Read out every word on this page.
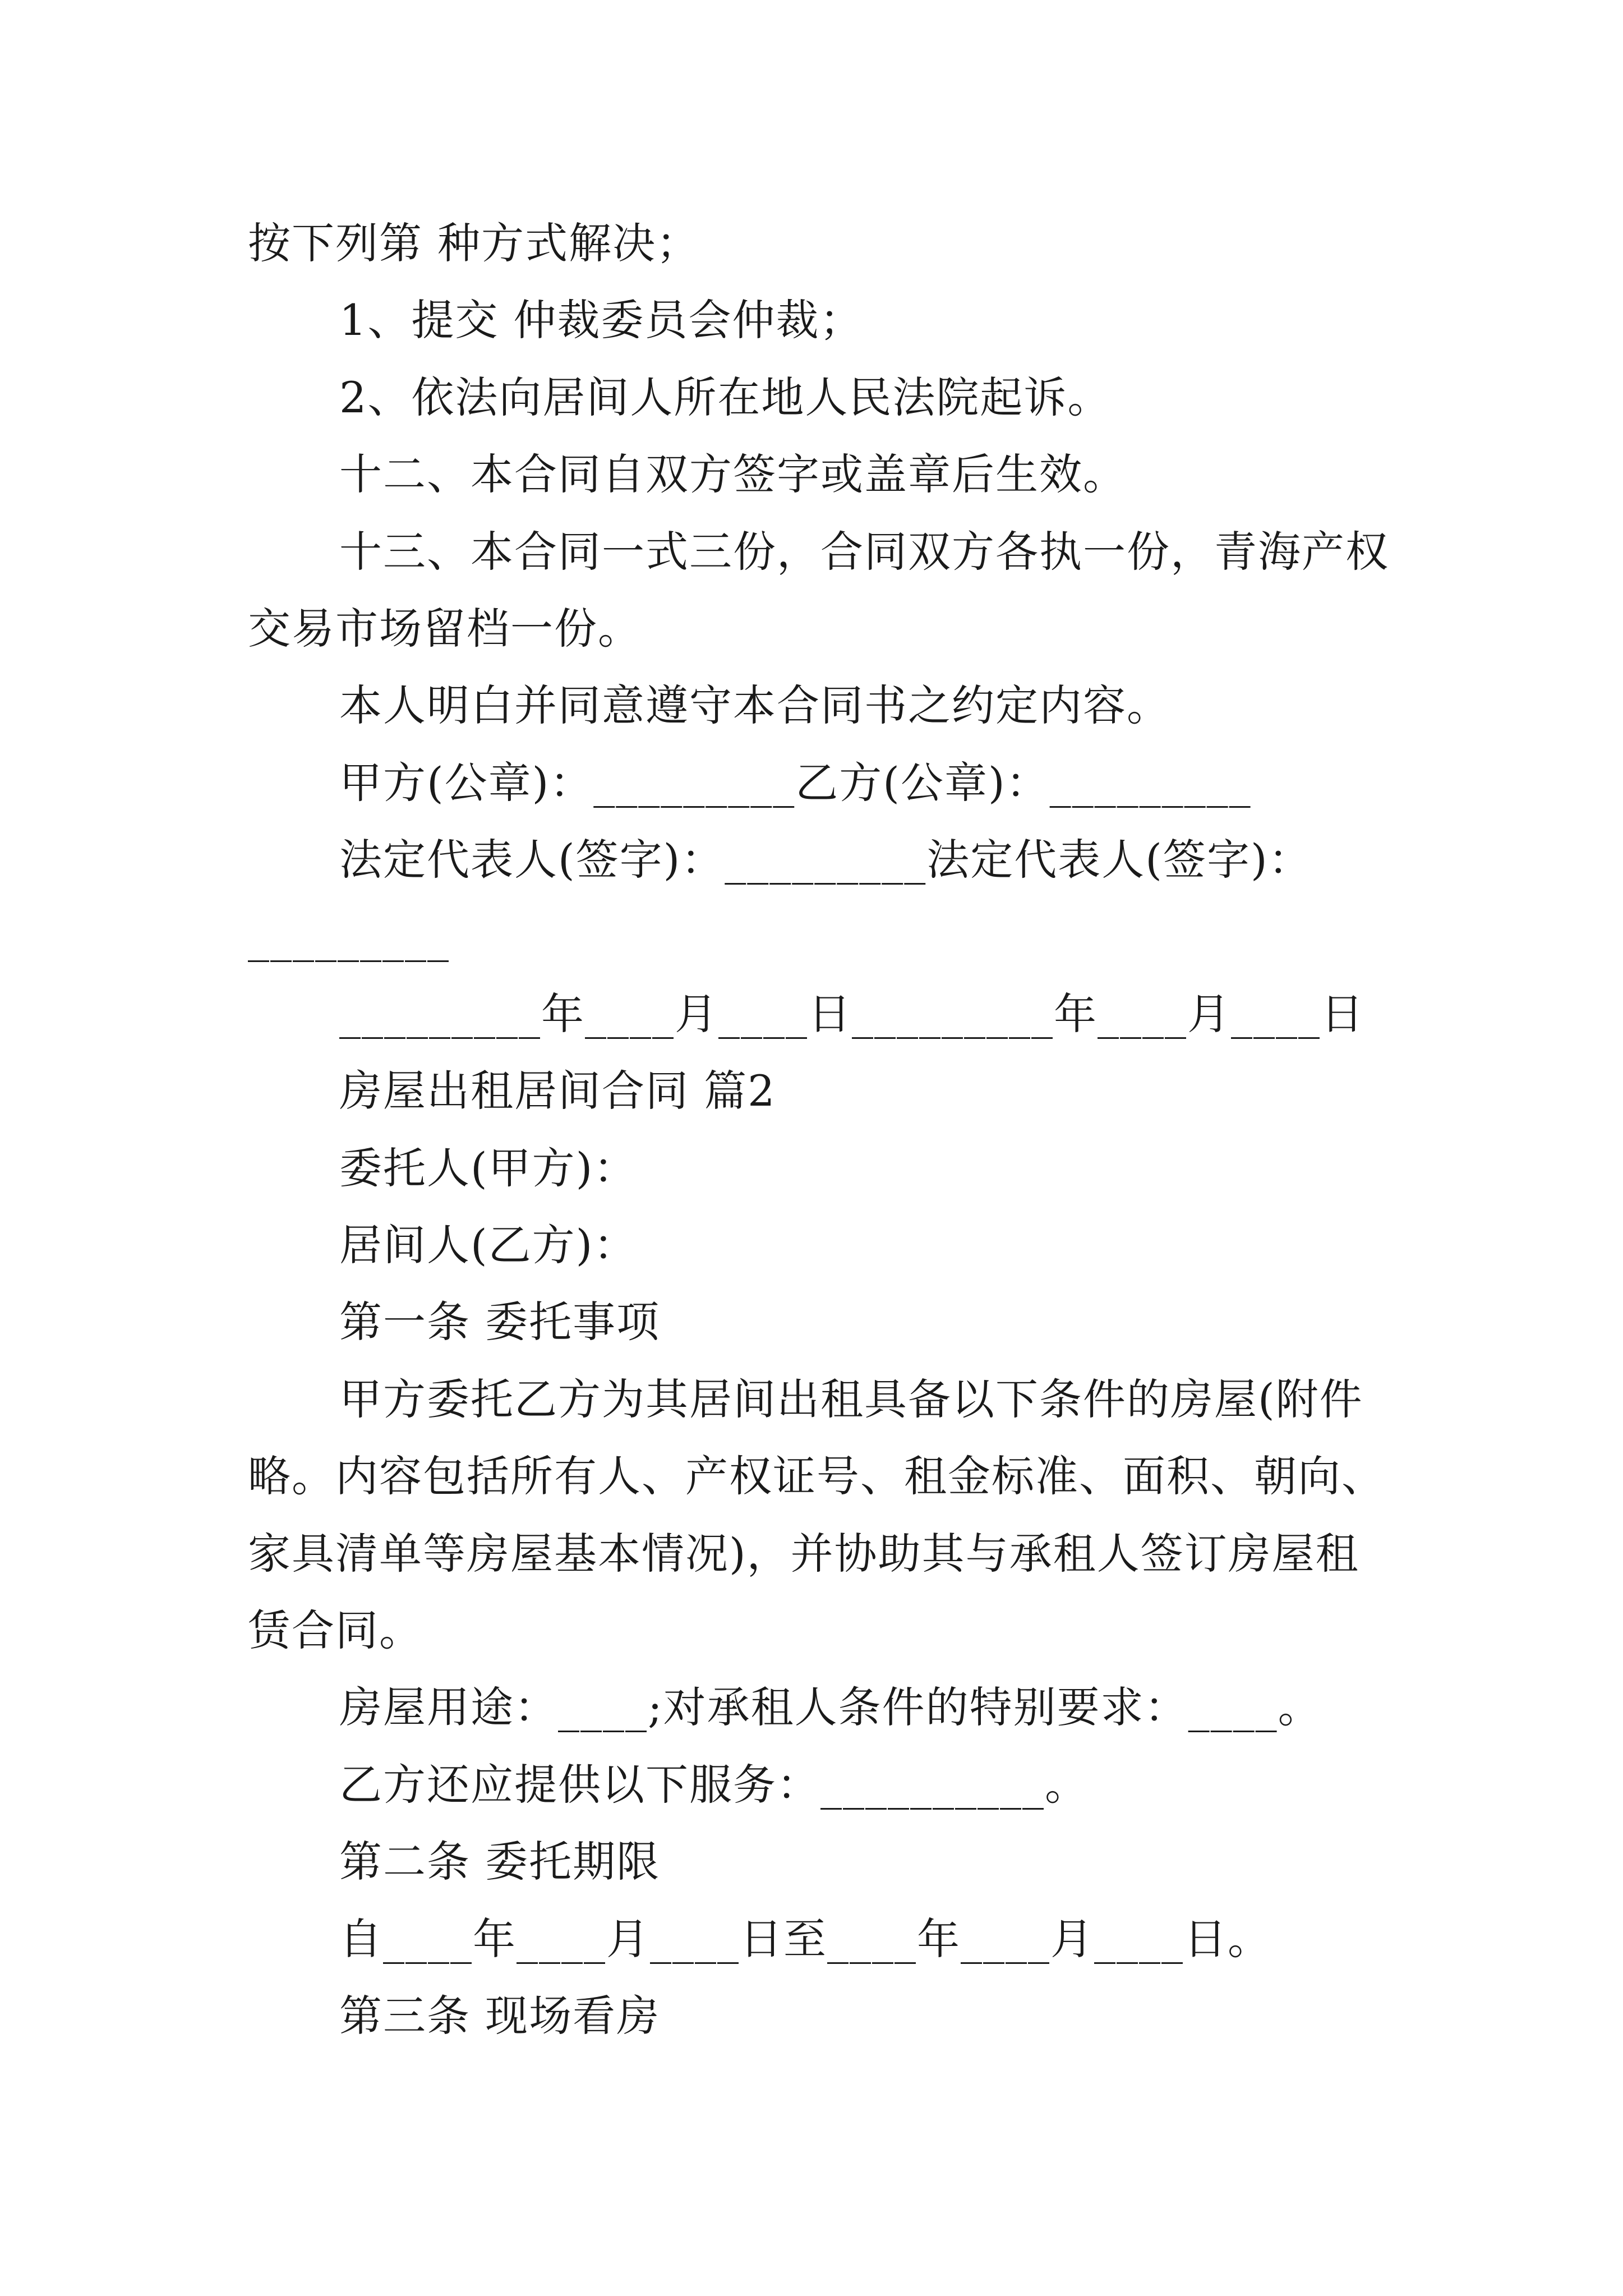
按下列第 种方式解决；
1、提交 仲裁委员会仲裁；
2、依法向居间人所在地人民法院起诉。
十二、本合同自双方签字或盖章后生效。
十三、本合同一式三份，合同双方各执一份，青海产权
交易市场留档一份。
本人明白并同意遵守本合同书之约定内容。
甲方(公章)：_________乙方(公章)：_________
法定代表人(签字)：_________法定代表人(签字)：
_________
_________年____月____日_________年____月____日
房屋出租居间合同 篇2
委托人(甲方)：
居间人(乙方)：
第一条 委托事项
甲方委托乙方为其居间出租具备以下条件的房屋(附件
略。内容包括所有人、产权证号、租金标准、面积、朝向、
家具清单等房屋基本情况)，并协助其与承租人签订房屋租
赁合同。
房屋用途：____;对承租人条件的特别要求：____。
乙方还应提供以下服务：__________。
第二条 委托期限
自____年____月____日至____年____月____日。
第三条 现场看房
